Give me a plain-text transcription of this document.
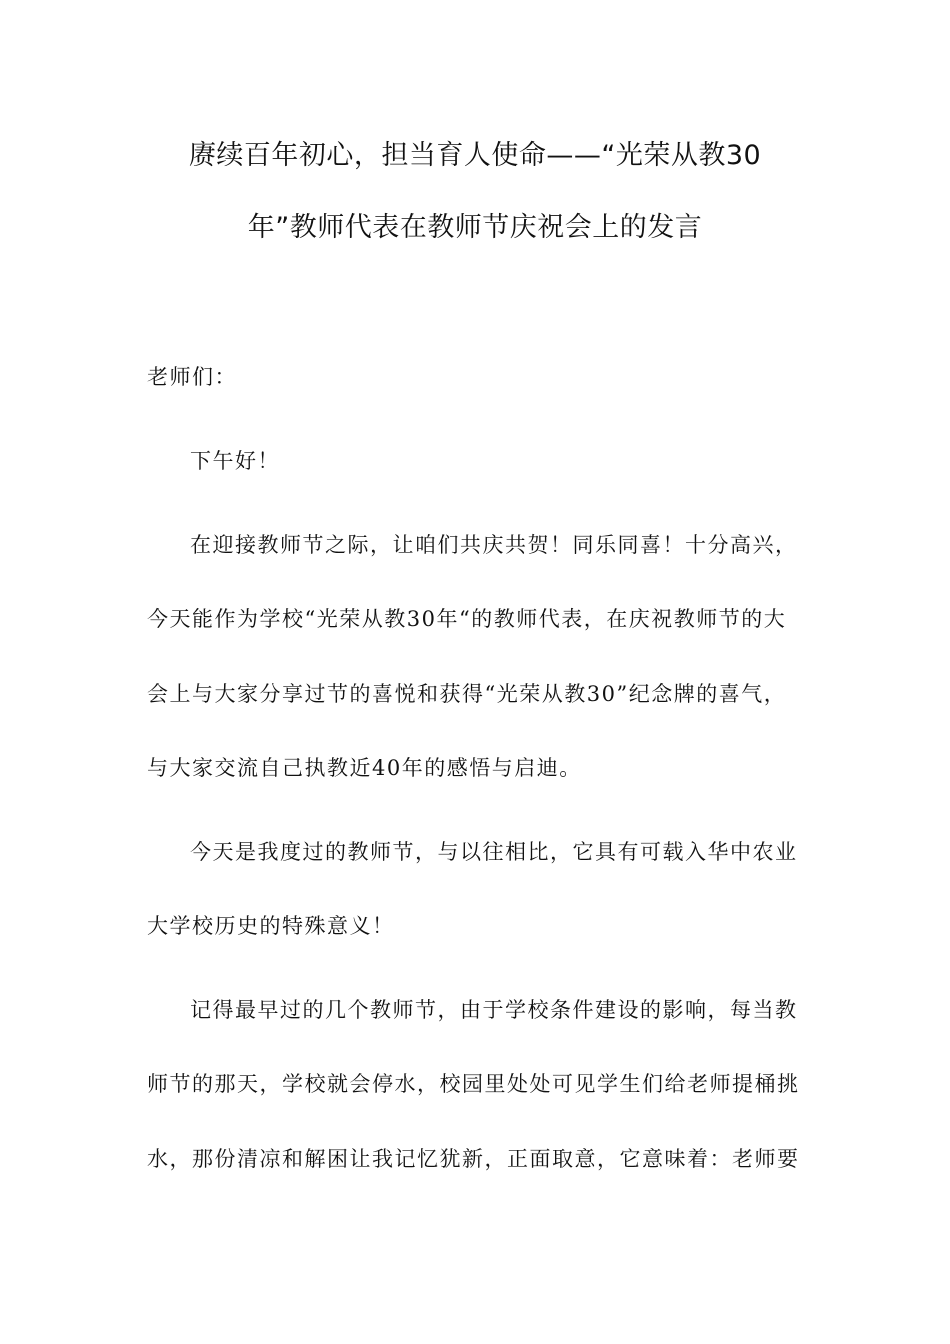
赓续百年初心，担当育人使命——“光荣从教30
年”教师代表在教师节庆祝会上的发言
老师们：
下午好！
在迎接教师节之际，让咱们共庆共贺！同乐同喜！十分高兴，
今天能作为学校“光荣从教30年“的教师代表，在庆祝教师节的大
会上与大家分享过节的喜悦和获得“光荣从教30”纪念牌的喜气，
与大家交流自己执教近40年的感悟与启迪。
今天是我度过的教师节，与以往相比，它具有可载入华中农业
大学校历史的特殊意义！
记得最早过的几个教师节，由于学校条件建设的影响，每当教
师节的那天，学校就会停水，校园里处处可见学生们给老师提桶挑
水，那份清凉和解困让我记忆犹新，正面取意，它意味着：老师要
